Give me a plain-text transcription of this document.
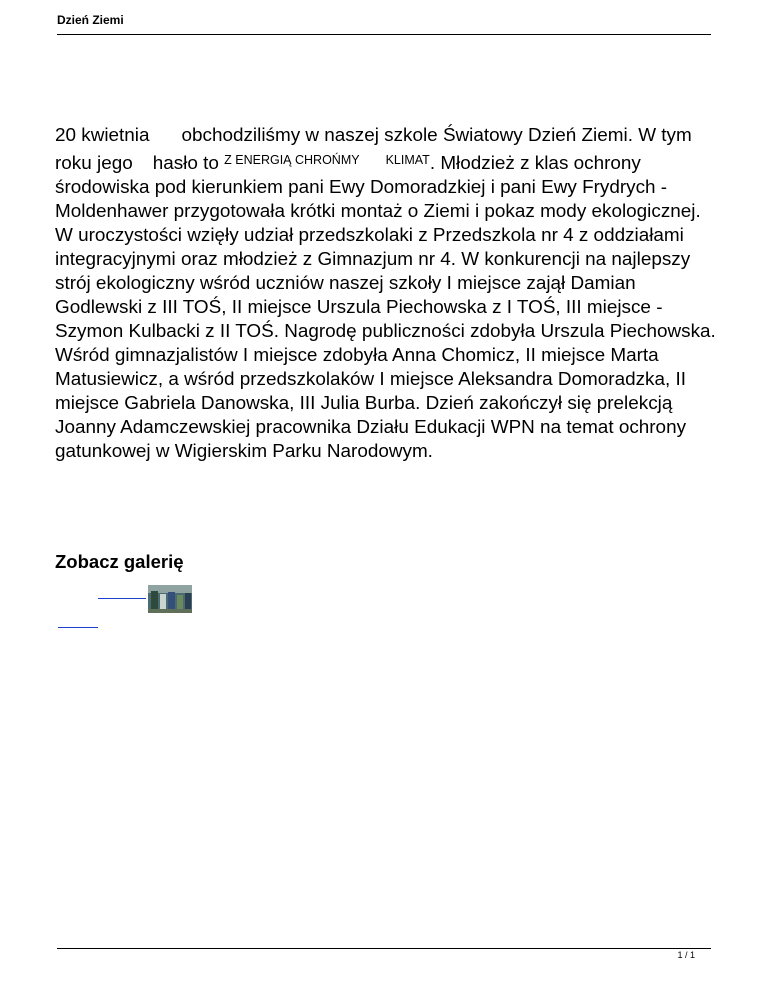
Dzień Ziemi

20 kwietnia obchodziliśmy w naszej szkole Światowy Dzień Ziemi. W tym roku jego hasło to $^{Z ENERGIĄ CHROŃMY}$ $^{KLIMAT}$. Młodzież z klas ochrony środowiska pod kierunkiem pani Ewy Domoradzkiej i pani Ewy Frydrych - Moldenhawer przygotowała krótki montaż o Ziemi i pokaz mody ekologicznej. W uroczystości wzięły udział przedszkolaki z Przedszkola nr 4 z oddziałami integracyjnymi oraz młodzież z Gimnazjum nr 4. W konkurencji na najlepszy strój ekologiczny wśród uczniów naszej szkoły I miejsce zajął Damian Godlewski z III TOŚ, II miejsce Urszula Piechowska z I TOŚ, III miejsce - Szymon Kulbacki z II TOŚ. Nagrodę publiczności zdobyła Urszula Piechowska. Wśród gimnazjalistów I miejsce zdobyła Anna Chomicz, II miejsce Marta Matusiewicz, a wśród przedszkolaków I miejsce Aleksandra Domoradzka, II miejsce Gabriela Danowska, III Julia Burba. Dzień zakończył się prelekcją Joanny Adamczewskiej pracownika Działu Edukacji WPN na temat ochrony gatunkowej w Wigierskim Parku Narodowym.

Zobacz galerię
1 / 1
